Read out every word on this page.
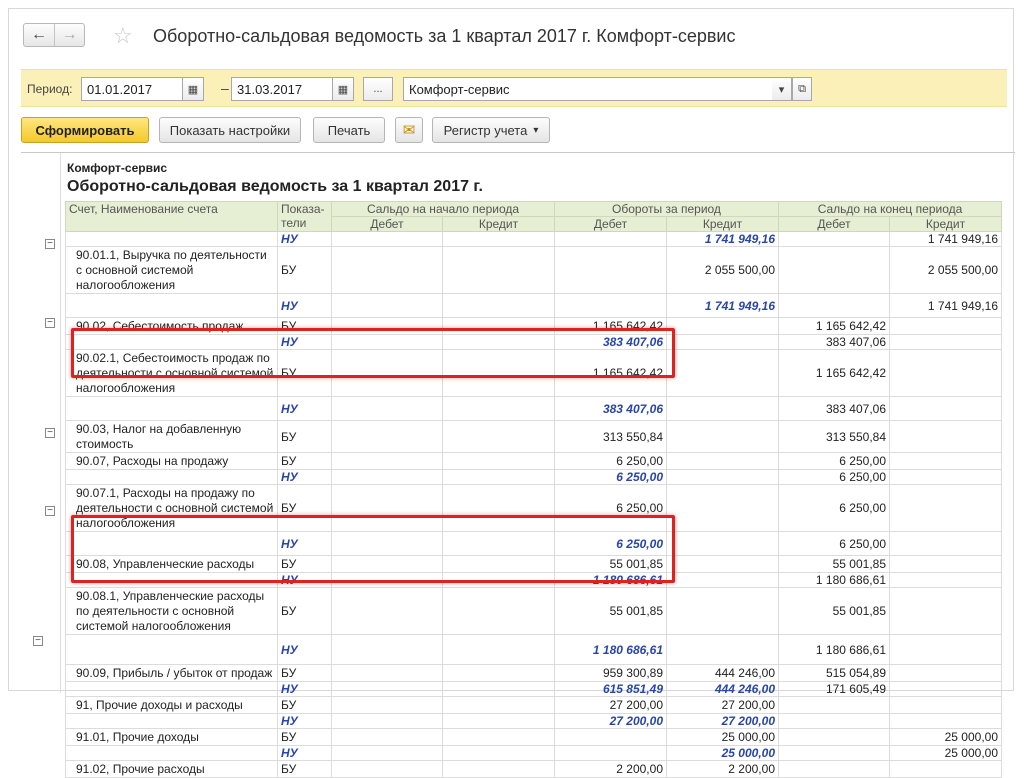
← → ☆ Оборотно-сальдовая ведомость за 1 квартал 2017 г. Комфорт-сервис
Период:	01.01.2017	▦	– 31.03.2017	▦	...	Комфорт-сервис	▾	⧉
Сформировать	Показать настройки	Печать	✉	Регистр учета ▾
Комфорт-сервис
Оборотно-сальдовая ведомость за 1 квартал 2017 г.
Счет, Наименование счета	Показа-тели	Сальдо на начало периода		Обороты за период		Сальдо на конец периода	
		Дебет	Кредит	Дебет	Кредит	Дебет	Кредит
	НУ				1 741 949,16		1 741 949,16
90.01.1, Выручка по деятельности с основной системой налогообложения	БУ				2 055 500,00		2 055 500,00
	НУ				1 741 949,16		1 741 949,16
90.02, Себестоимость продаж	БУ			1 165 642,42		1 165 642,42	
	НУ			383 407,06		383 407,06	
90.02.1, Себестоимость продаж по деятельности с основной системой налогообложения	БУ			1 165 642,42		1 165 642,42	
	НУ			383 407,06		383 407,06	
90.03, Налог на добавленную стоимость	БУ			313 550,84		313 550,84	
90.07, Расходы на продажу	БУ			6 250,00		6 250,00	
	НУ			6 250,00		6 250,00	
90.07.1, Расходы на продажу по деятельности с основной системой налогообложения	БУ			6 250,00		6 250,00	
	НУ			6 250,00		6 250,00	
90.08, Управленческие расходы	БУ			55 001,85		55 001,85	
	НУ			1 180 686,61		1 180 686,61	
90.08.1, Управленческие расходы по деятельности с основной системой налогообложения	БУ			55 001,85		55 001,85	
	НУ			1 180 686,61		1 180 686,61	
90.09, Прибыль / убыток от продаж	БУ			959 300,89	444 246,00	515 054,89	
	НУ			615 851,49	444 246,00	171 605,49	
91, Прочие доходы и расходы	БУ			27 200,00	27 200,00		
	НУ			27 200,00	27 200,00		
91.01, Прочие доходы	БУ				25 000,00		25 000,00
	НУ				25 000,00		25 000,00
91.02, Прочие расходы	БУ			2 200,00	2 200,00		
−
−
−
−
−
